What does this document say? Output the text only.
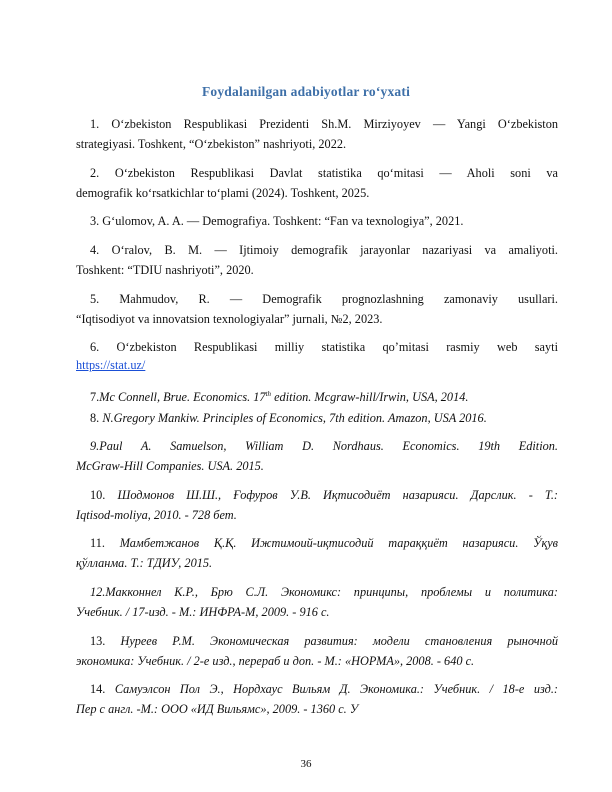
Foydalanilgan adabiyotlar ro‘yxati
1. O‘zbekiston Respublikasi Prezidenti Sh.M. Mirziyoyev — Yangi O‘zbekiston
strategiyasi. Toshkent, “O‘zbekiston” nashriyoti, 2022.
2. O‘zbekiston Respublikasi Davlat statistika qo‘mitasi — Aholi soni va
demografik ko‘rsatkichlar to‘plami (2024). Toshkent, 2025.
3. G‘ulomov, A. A. — Demografiya. Toshkent: “Fan va texnologiya”, 2021.
4. O‘ralov, B. M. — Ijtimoiy demografik jarayonlar nazariyasi va amaliyoti.
Toshkent: “TDIU nashriyoti”, 2020.
5. Mahmudov, R. — Demografik prognozlashning zamonaviy usullari.
“Iqtisodiyot va innovatsion texnologiyalar” jurnali, №2, 2023.
6. O‘zbekiston Respublikasi milliy statistika qo’mitasi rasmiy web sayti
https://stat.uz/
7.Mc Connell, Brue. Economics. 17th edition. Mcgraw-hill/Irwin, USA, 2014.
8. N.Gregory Mankiw. Principles of Economics, 7th edition. Amazon, USA 2016.
9.Paul A. Samuelson, William D. Nordhaus. Economics. 19th Edition.
McGraw-Hill Companies. USA. 2015.
10. Шодмонов Ш.Ш., Ғофуров У.В. Иқтисодиёт назарияси. Дарслик. - T.:
Iqtisod-moliya, 2010. - 728 бет.
11. Мамбетжанов Қ.Қ. Ижтимоий-иқтисодий тараққиёт назарияси. Ўқув
қўлланма. Т.: ТДИУ, 2015.
12.Макконнел К.Р., Брю С.Л. Экономикс: принципы, проблемы и политика:
Учебник. / 17-изд. - М.: ИНФРА-М, 2009. - 916 с.
13. Нуреев Р.М. Экономическая развития: модели становления рыночной
экономика: Учебник. / 2-е изд., перераб и доп. - М.: «НОРМА», 2008. - 640 с.
14. Самуэлсон Пол Э., Нордхаус Вильям Д. Экономика.: Учебник. / 18-е изд.:
Пер с англ. -М.: ООО «ИД Вильямс», 2009. - 1360 с. У
36
